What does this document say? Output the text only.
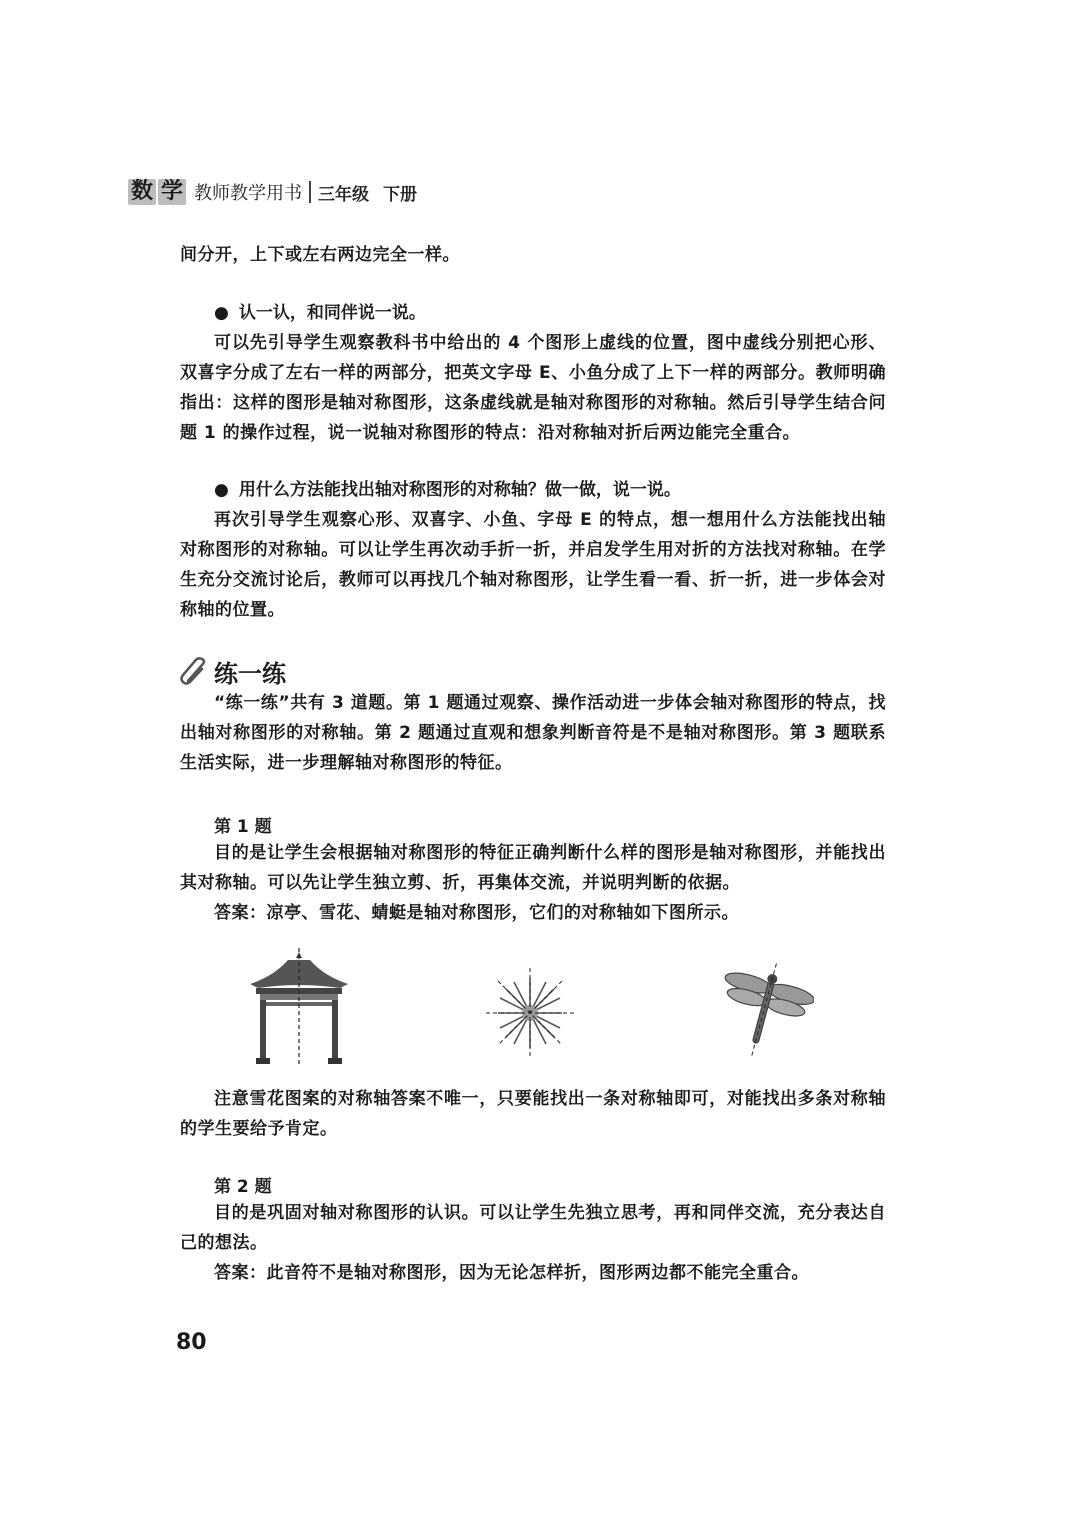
数 学 教师教学用书 三年级 下册

间分开，上下或左右两边完全一样。

● 认一认，和同伴说一说。

可以先引导学生观察教科书中给出的 4 个图形上虚线的位置，图中虚线分别把心形、双喜字分成了左右一样的两部分，把英文字母 E、小鱼分成了上下一样的两部分。教师明确指出：这样的图形是轴对称图形，这条虚线就是轴对称图形的对称轴。然后引导学生结合问题 1 的操作过程，说一说轴对称图形的特点：沿对称轴对折后两边能完全重合。

● 用什么方法能找出轴对称图形的对称轴？做一做，说一说。

再次引导学生观察心形、双喜字、小鱼、字母 E 的特点，想一想用什么方法能找出轴对称图形的对称轴。可以让学生再次动手折一折，并启发学生用对折的方法找对称轴。在学生充分交流讨论后，教师可以再找几个轴对称图形，让学生看一看、折一折，进一步体会对称轴的位置。

练一练

“练一练”共有 3 道题。第 1 题通过观察、操作活动进一步体会轴对称图形的特点，找出轴对称图形的对称轴。第 2 题通过直观和想象判断音符是不是轴对称图形。第 3 题联系生活实际，进一步理解轴对称图形的特征。

第 1 题

目的是让学生会根据轴对称图形的特征正确判断什么样的图形是轴对称图形，并能找出其对称轴。可以先让学生独立剪、折，再集体交流，并说明判断的依据。

答案：凉亭、雪花、蜻蜓是轴对称图形，它们的对称轴如下图所示。

注意雪花图案的对称轴答案不唯一，只要能找出一条对称轴即可，对能找出多条对称轴的学生要给予肯定。

第 2 题

目的是巩固对轴对称图形的认识。可以让学生先独立思考，再和同伴交流，充分表达自己的想法。

答案：此音符不是轴对称图形，因为无论怎样折，图形两边都不能完全重合。

80
